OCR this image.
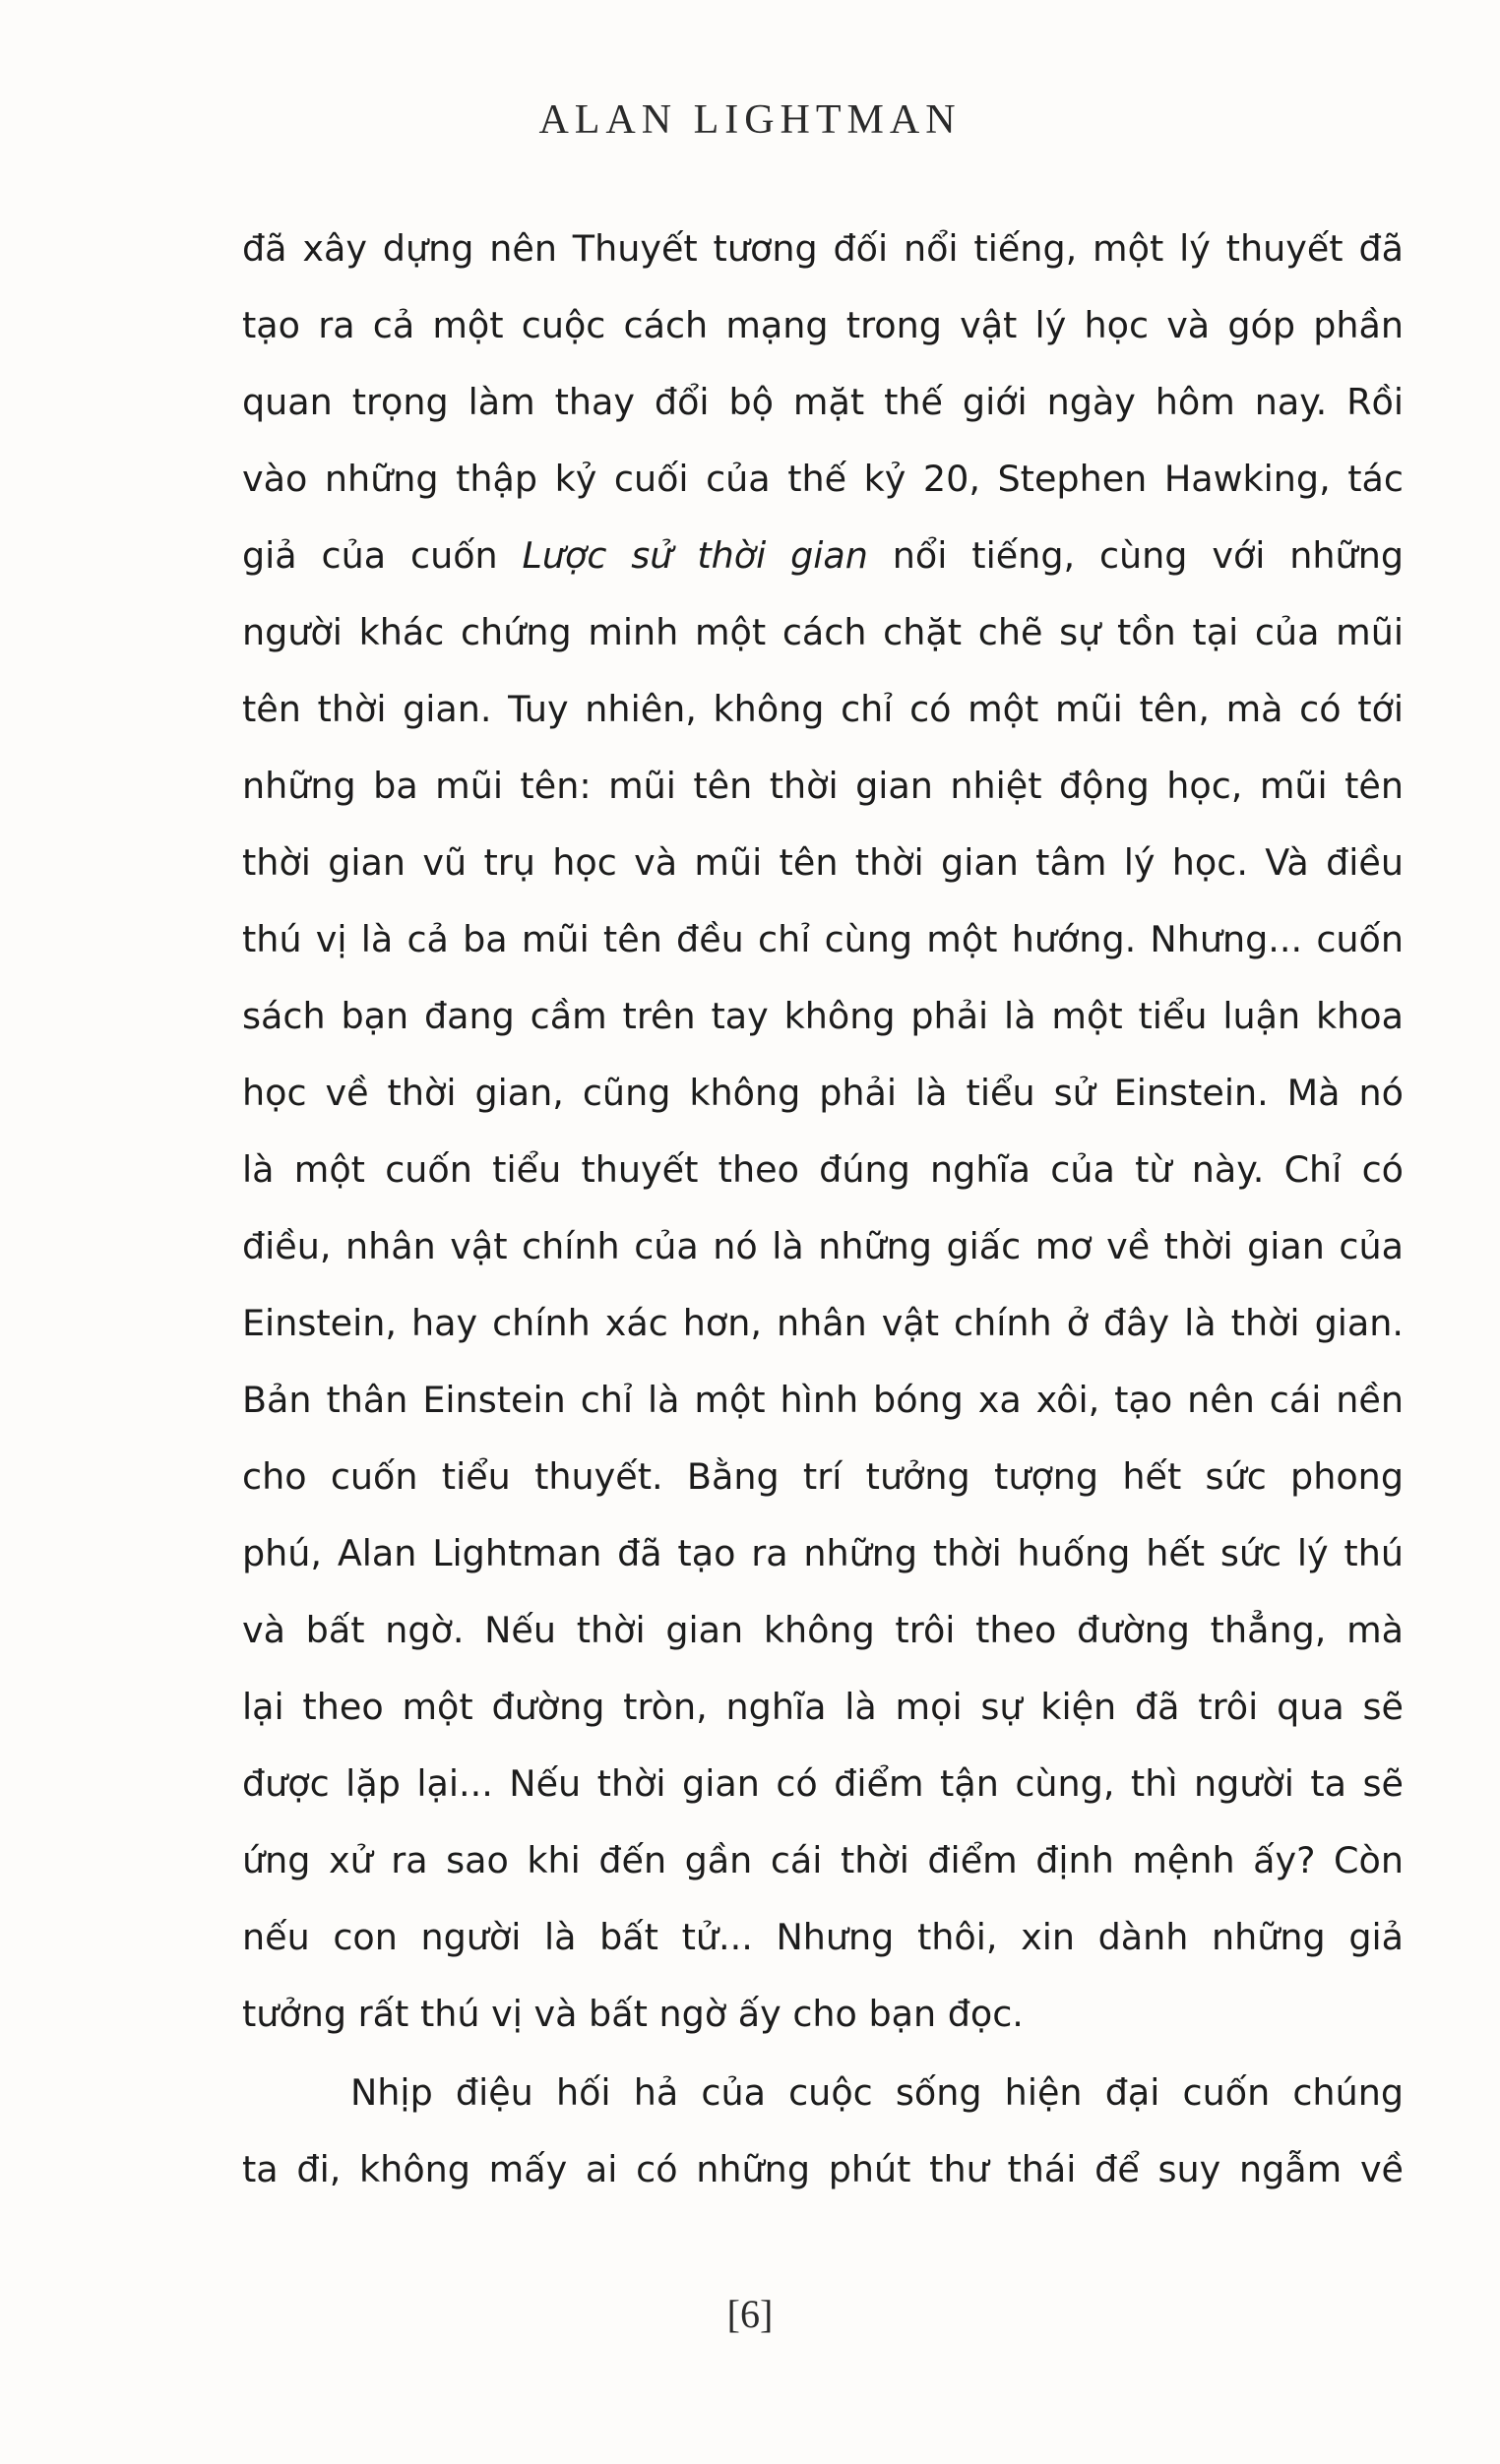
ALAN LIGHTMAN
đã xây dựng nên Thuyết tương đối nổi tiếng, một lý thuyết đã
tạo ra cả một cuộc cách mạng trong vật lý học và góp phần
quan trọng làm thay đổi bộ mặt thế giới ngày hôm nay. Rồi
vào những thập kỷ cuối của thế kỷ 20, Stephen Hawking, tác
giả của cuốn Lược sử thời gian nổi tiếng, cùng với những
người khác chứng minh một cách chặt chẽ sự tồn tại của mũi
tên thời gian. Tuy nhiên, không chỉ có một mũi tên, mà có tới
những ba mũi tên: mũi tên thời gian nhiệt động học, mũi tên
thời gian vũ trụ học và mũi tên thời gian tâm lý học. Và điều
thú vị là cả ba mũi tên đều chỉ cùng một hướng. Nhưng... cuốn
sách bạn đang cầm trên tay không phải là một tiểu luận khoa
học về thời gian, cũng không phải là tiểu sử Einstein. Mà nó
là một cuốn tiểu thuyết theo đúng nghĩa của từ này. Chỉ có
điều, nhân vật chính của nó là những giấc mơ về thời gian của
Einstein, hay chính xác hơn, nhân vật chính ở đây là thời gian.
Bản thân Einstein chỉ là một hình bóng xa xôi, tạo nên cái nền
cho cuốn tiểu thuyết. Bằng trí tưởng tượng hết sức phong
phú, Alan Lightman đã tạo ra những thời huống hết sức lý thú
và bất ngờ. Nếu thời gian không trôi theo đường thẳng, mà
lại theo một đường tròn, nghĩa là mọi sự kiện đã trôi qua sẽ
được lặp lại... Nếu thời gian có điểm tận cùng, thì người ta sẽ
ứng xử ra sao khi đến gần cái thời điểm định mệnh ấy? Còn
nếu con người là bất tử... Nhưng thôi, xin dành những giả
tưởng rất thú vị và bất ngờ ấy cho bạn đọc.
Nhịp điệu hối hả của cuộc sống hiện đại cuốn chúng
ta đi, không mấy ai có những phút thư thái để suy ngẫm về
[6]
